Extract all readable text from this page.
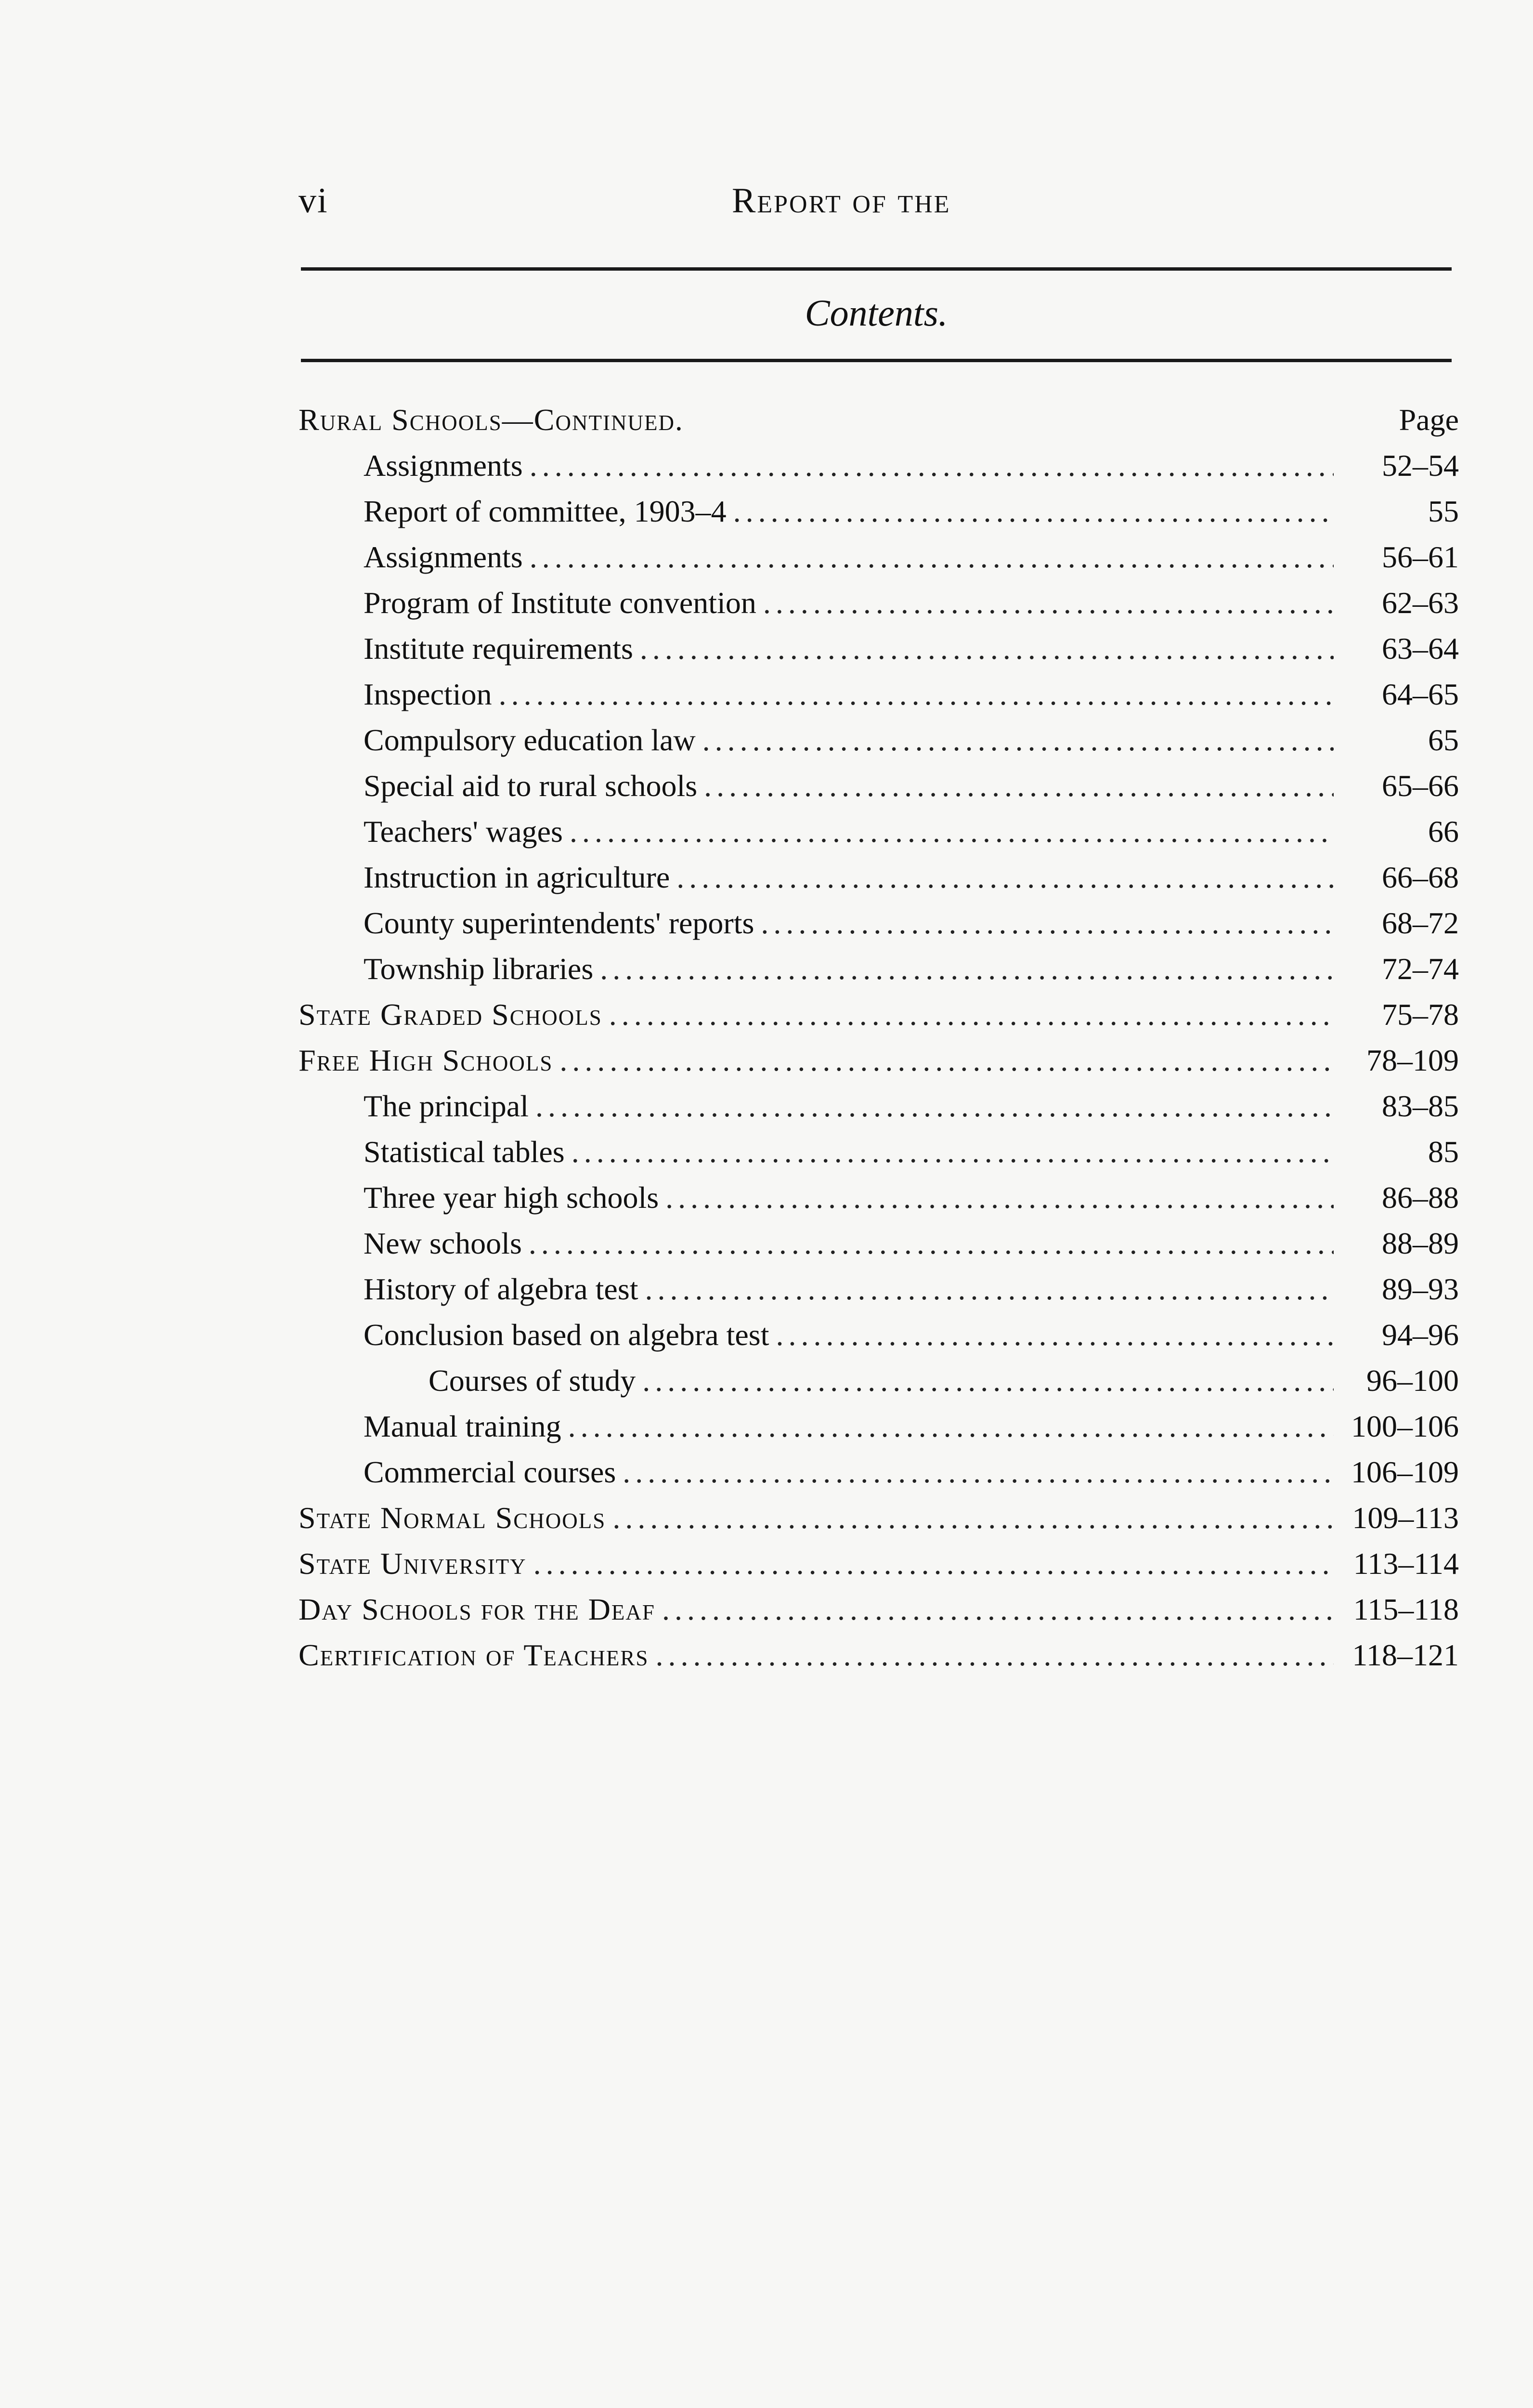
vi	Report of the
Contents.
Rural Schools—Continued.	Page
Assignments .....	52–54
Report of committee, 1903–4 .....	55
Assignments .....	56–61
Program of Institute convention .....	62–63
Institute requirements .....	63–64
Inspection .....	64–65
Compulsory education law .....	65
Special aid to rural schools .....	65–66
Teachers' wages .....	66
Instruction in agriculture .....	66–68
County superintendents' reports .....	68–72
Township libraries .....	72–74
State Graded Schools .....	75–78
Free High Schools .....	78–109
The principal .....	83–85
Statistical tables .....	85
Three year high schools .....	86–88
New schools .....	88–89
History of algebra test .....	89–93
Conclusion based on algebra test .....	94–96
Courses of study .....	96–100
Manual training .....	100–106
Commercial courses .....	106–109
State Normal Schools .....	109–113
State University .....	113–114
Day Schools for the Deaf .....	115–118
Certification of Teachers .....	118–121
